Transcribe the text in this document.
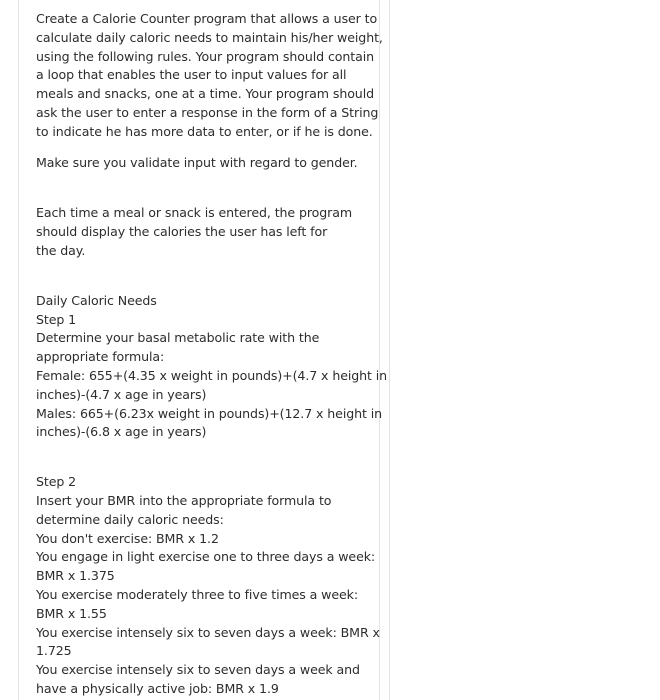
Create a Calorie Counter program that allows a user to
calculate daily caloric needs to maintain his/her weight,
using the following rules. Your program should contain
a loop that enables the user to input values for all
meals and snacks, one at a time. Your program should
ask the user to enter a response in the form of a String
to indicate he has more data to enter, or if he is done.
Make sure you validate input with regard to gender.
Each time a meal or snack is entered, the program
should display the calories the user has left for
the day.
Daily Caloric Needs
Step 1
Determine your basal metabolic rate with the
appropriate formula:
Female: 655+(4.35 x weight in pounds)+(4.7 x height in
inches)-(4.7 x age in years)
Males: 665+(6.23x weight in pounds)+(12.7 x height in
inches)-(6.8 x age in years)
Step 2
Insert your BMR into the appropriate formula to
determine daily caloric needs:
You don't exercise: BMR x 1.2
You engage in light exercise one to three days a week:
BMR x 1.375
You exercise moderately three to five times a week:
BMR x 1.55
You exercise intensely six to seven days a week: BMR x
1.725
You exercise intensely six to seven days a week and
have a physically active job: BMR x 1.9
